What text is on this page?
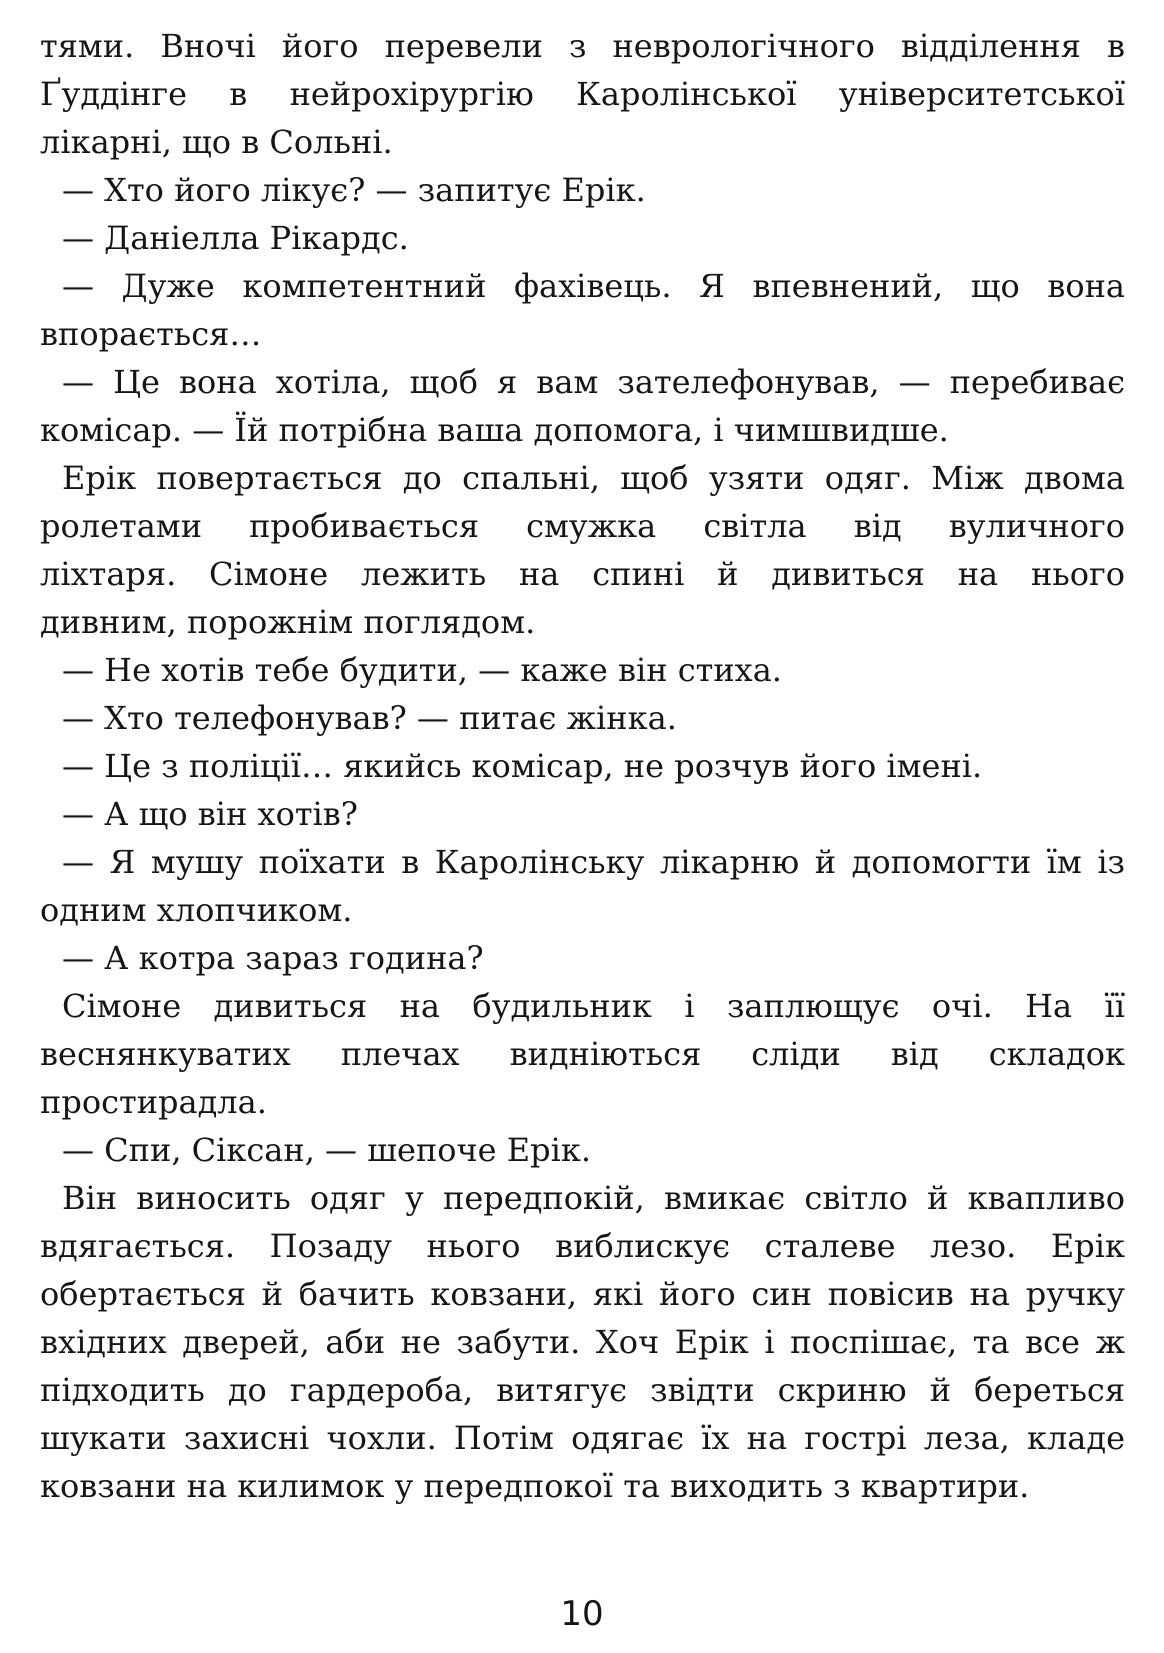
тями. Вночі його перевели з неврологічного відділення в
Ґуддінге в нейрохірургію Каролінської університетської
лікарні, що в Сольні.
— Хто його лікує? — запитує Ерік.
— Даніелла Рікардс.
— Дуже компетентний фахівець. Я впевнений, що вона
впорається…
— Це вона хотіла, щоб я вам зателефонував, — перебиває
комісар. — Їй потрібна ваша допомога, і чимшвидше.
Ерік повертається до спальні, щоб узяти одяг. Між двома
ролетами пробивається смужка світла від вуличного
ліхтаря. Сімоне лежить на спині й дивиться на нього
дивним, порожнім поглядом.
— Не хотів тебе будити, — каже він стиха.
— Хто телефонував? — питає жінка.
— Це з поліції… якийсь комісар, не розчув його імені.
— А що він хотів?
— Я мушу поїхати в Каролінську лікарню й допомогти їм із
одним хлопчиком.
— А котра зараз година?
Сімоне дивиться на будильник і заплющує очі. На її
веснянкуватих плечах видніються сліди від складок
простирадла.
— Спи, Сіксан, — шепоче Ерік.
Він виносить одяг у передпокій, вмикає світло й квапливо
вдягається. Позаду нього виблискує сталеве лезо. Ерік
обертається й бачить ковзани, які його син повісив на ручку
вхідних дверей, аби не забути. Хоч Ерік і поспішає, та все ж
підходить до гардероба, витягує звідти скриню й береться
шукати захисні чохли. Потім одягає їх на гострі леза, кладе
ковзани на килимок у передпокої та виходить з квартири.
10
